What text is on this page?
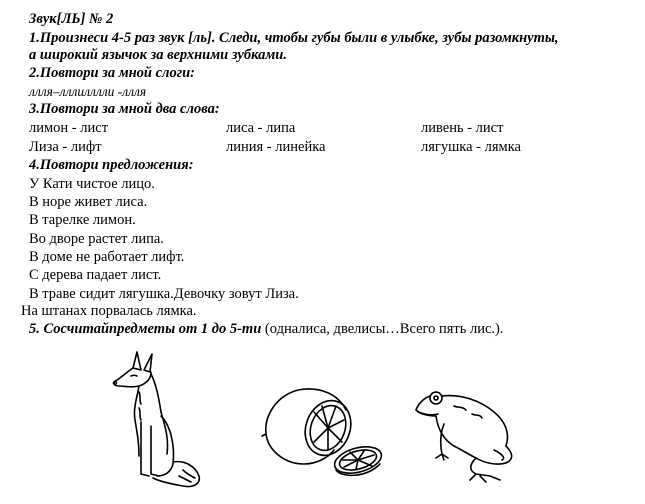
Звук[ЛЬ] № 2
1.Произнеси 4-5 раз звук [ль]. Следи, чтобы губы были в улыбке, зубы разомкнуты,
а широкий язычок за верхними зубками.
2.Повтори за мной слоги:
ллля–лллилллли -ллля
3.Повтори за мной два слова:
лимон - лист	лиса - липа	ливень - лист
Лиза - лифт	линия - линейка	лягушка - лямка
4.Повтори предложения:
У Кати чистое лицо.
В норе живет лиса.
В тарелке лимон.
Во дворе растет липа.
В доме не работает лифт.
С дерева падает лист.
В траве сидит лягушка.Девочку зовут Лиза.
На штанах порвалась лямка.
5. Сосчитайпредметы от 1 до 5-ти (одналиса, двелисы…Всего пять лис.).
